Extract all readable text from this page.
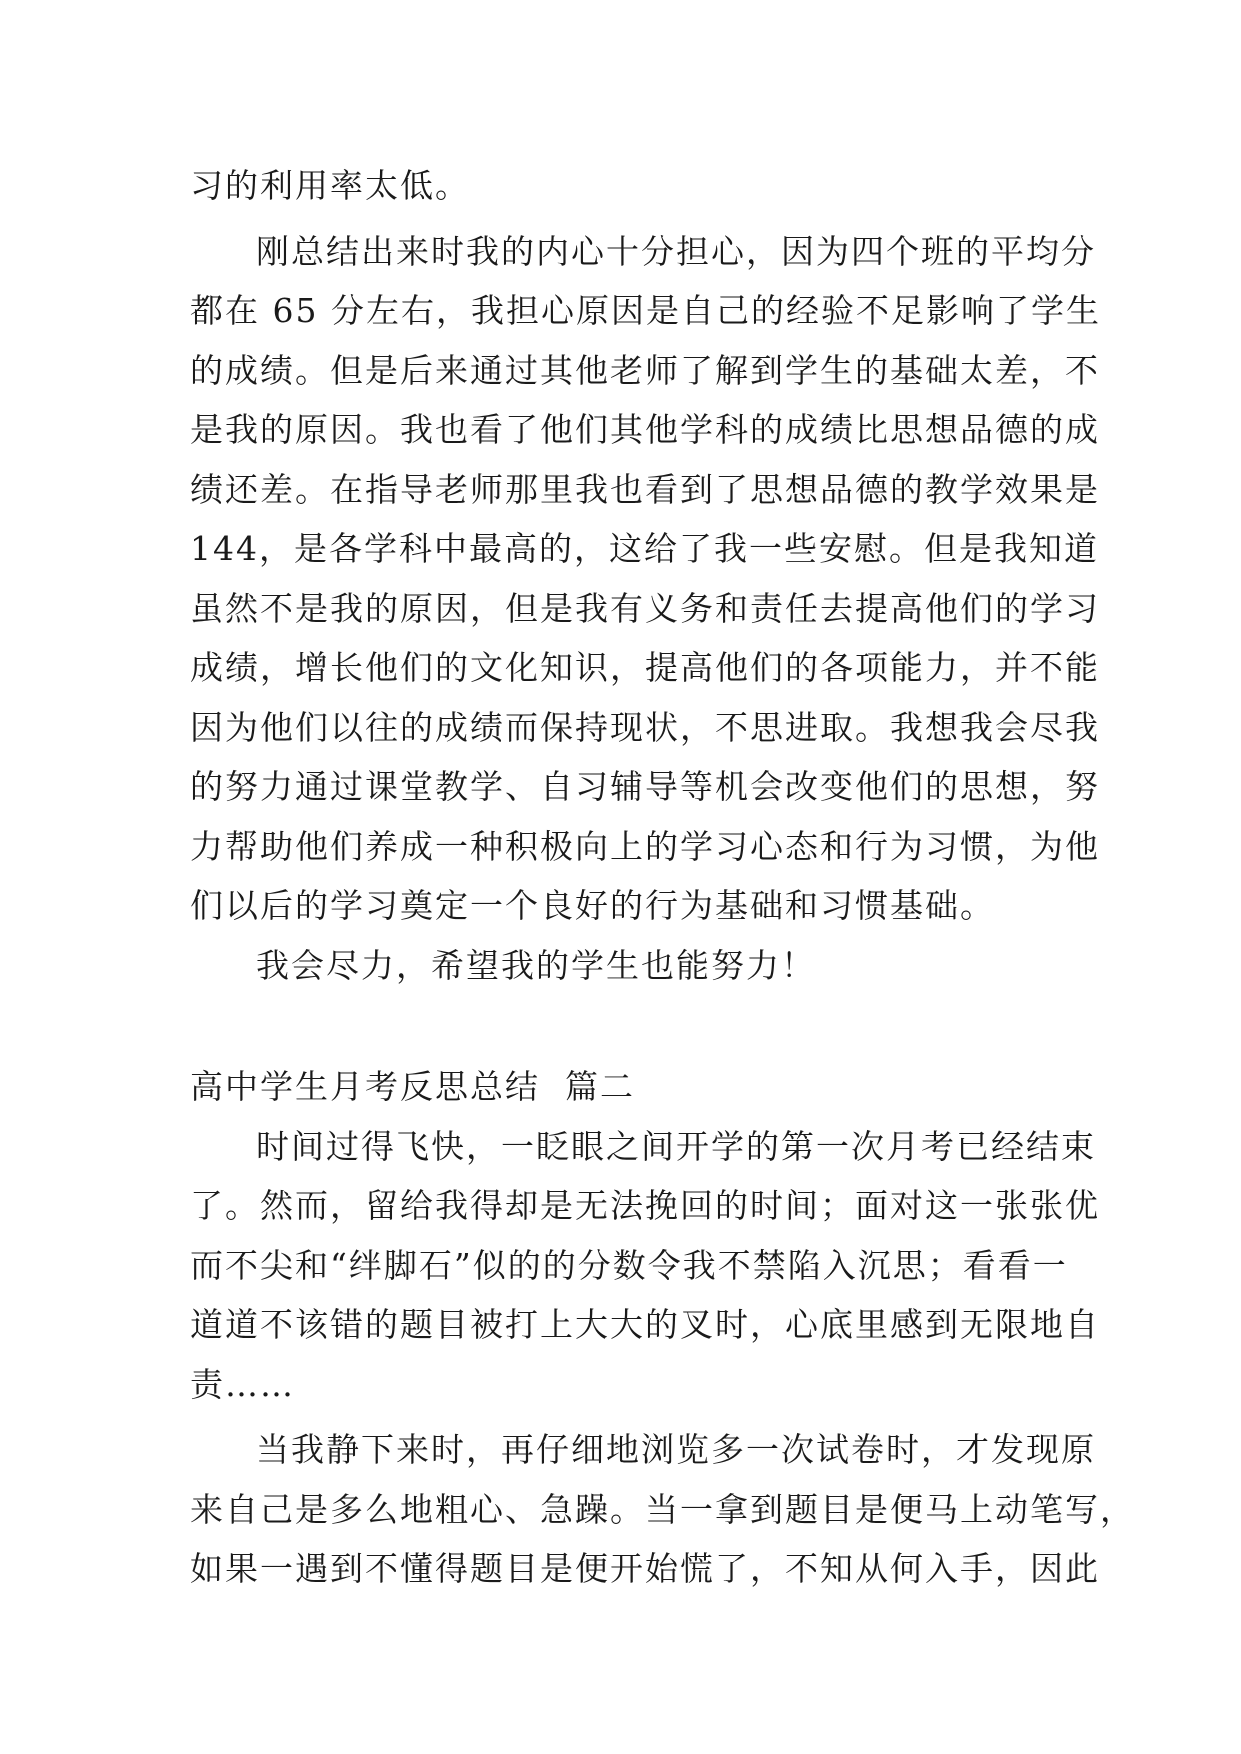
习的利用率太低。
刚总结出来时我的内心十分担心，因为四个班的平均分
都在 65 分左右，我担心原因是自己的经验不足影响了学生
的成绩。但是后来通过其他老师了解到学生的基础太差，不
是我的原因。我也看了他们其他学科的成绩比思想品德的成
绩还差。在指导老师那里我也看到了思想品德的教学效果是
144，是各学科中最高的，这给了我一些安慰。但是我知道
虽然不是我的原因，但是我有义务和责任去提高他们的学习
成绩，增长他们的文化知识，提高他们的各项能力，并不能
因为他们以往的成绩而保持现状，不思进取。我想我会尽我
的努力通过课堂教学、自习辅导等机会改变他们的思想，努
力帮助他们养成一种积极向上的学习心态和行为习惯，为他
们以后的学习奠定一个良好的行为基础和习惯基础。
我会尽力，希望我的学生也能努力！
高中学生月考反思总结  篇二
时间过得飞快，一眨眼之间开学的第一次月考已经结束
了。然而，留给我得却是无法挽回的时间；面对这一张张优
而不尖和“绊脚石”似的的分数令我不禁陷入沉思；看看一
道道不该错的题目被打上大大的叉时，心底里感到无限地自
责……
当我静下来时，再仔细地浏览多一次试卷时，才发现原
来自己是多么地粗心、急躁。当一拿到题目是便马上动笔写，
如果一遇到不懂得题目是便开始慌了，不知从何入手，因此
